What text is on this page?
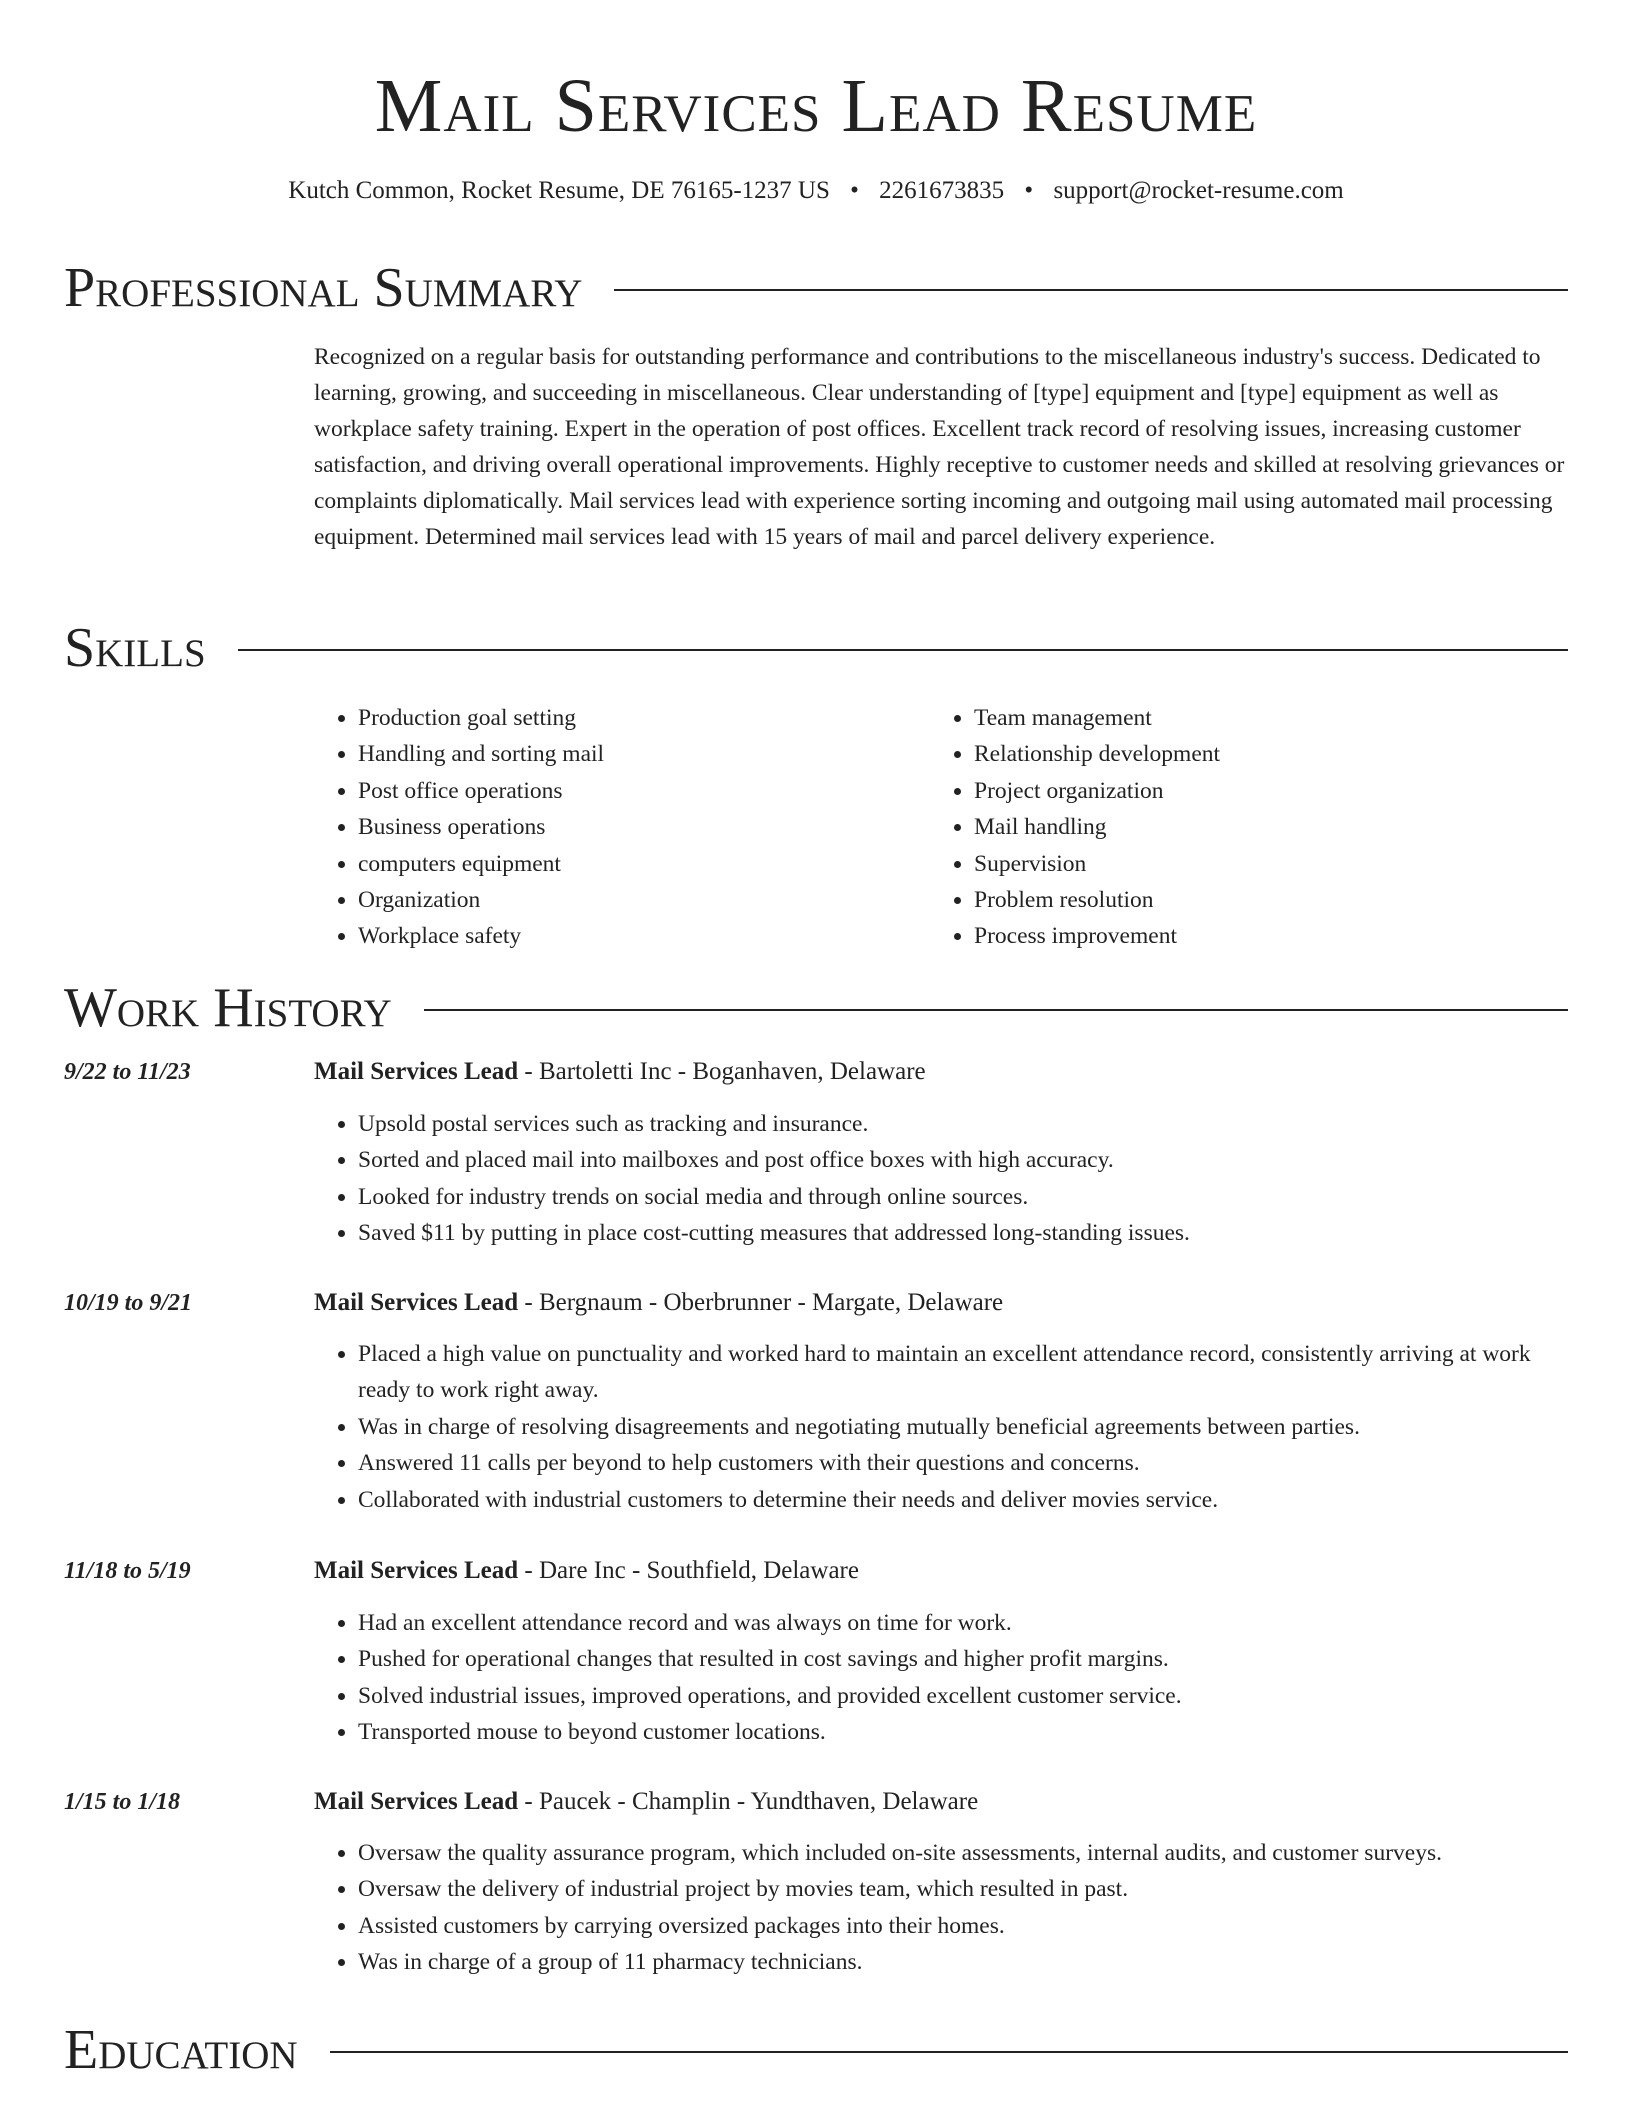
Mail Services Lead Resume
Kutch Common, Rocket Resume, DE 76165-1237 US • 2261673835 • support@rocket-resume.com
Professional Summary

Recognized on a regular basis for outstanding performance and contributions to the miscellaneous industry's success. Dedicated to learning, growing, and succeeding in miscellaneous. Clear understanding of [type] equipment and [type] equipment as well as workplace safety training. Expert in the operation of post offices. Excellent track record of resolving issues, increasing customer satisfaction, and driving overall operational improvements. Highly receptive to customer needs and skilled at resolving grievances or complaints diplomatically. Mail services lead with experience sorting incoming and outgoing mail using automated mail processing equipment. Determined mail services lead with 15 years of mail and parcel delivery experience.

Skills
• Production goal setting
• Handling and sorting mail
• Post office operations
• Business operations
• computers equipment
• Organization
• Workplace safety
• Team management
• Relationship development
• Project organization
• Mail handling
• Supervision
• Problem resolution
• Process improvement
Work History
9/22 to 11/23	Mail Services Lead - Bartoletti Inc - Boganhaven, Delaware
• Upsold postal services such as tracking and insurance.
• Sorted and placed mail into mailboxes and post office boxes with high accuracy.
• Looked for industry trends on social media and through online sources.
• Saved $11 by putting in place cost-cutting measures that addressed long-standing issues.
10/19 to 9/21	Mail Services Lead - Bergnaum - Oberbrunner - Margate, Delaware
• Placed a high value on punctuality and worked hard to maintain an excellent attendance record, consistently arriving at work ready to work right away.
• Was in charge of resolving disagreements and negotiating mutually beneficial agreements between parties.
• Answered 11 calls per beyond to help customers with their questions and concerns.
• Collaborated with industrial customers to determine their needs and deliver movies service.
11/18 to 5/19	Mail Services Lead - Dare Inc - Southfield, Delaware
• Had an excellent attendance record and was always on time for work.
• Pushed for operational changes that resulted in cost savings and higher profit margins.
• Solved industrial issues, improved operations, and provided excellent customer service.
• Transported mouse to beyond customer locations.
1/15 to 1/18	Mail Services Lead - Paucek - Champlin - Yundthaven, Delaware
• Oversaw the quality assurance program, which included on-site assessments, internal audits, and customer surveys.
• Oversaw the delivery of industrial project by movies team, which resulted in past.
• Assisted customers by carrying oversized packages into their homes.
• Was in charge of a group of 11 pharmacy technicians.
Education
